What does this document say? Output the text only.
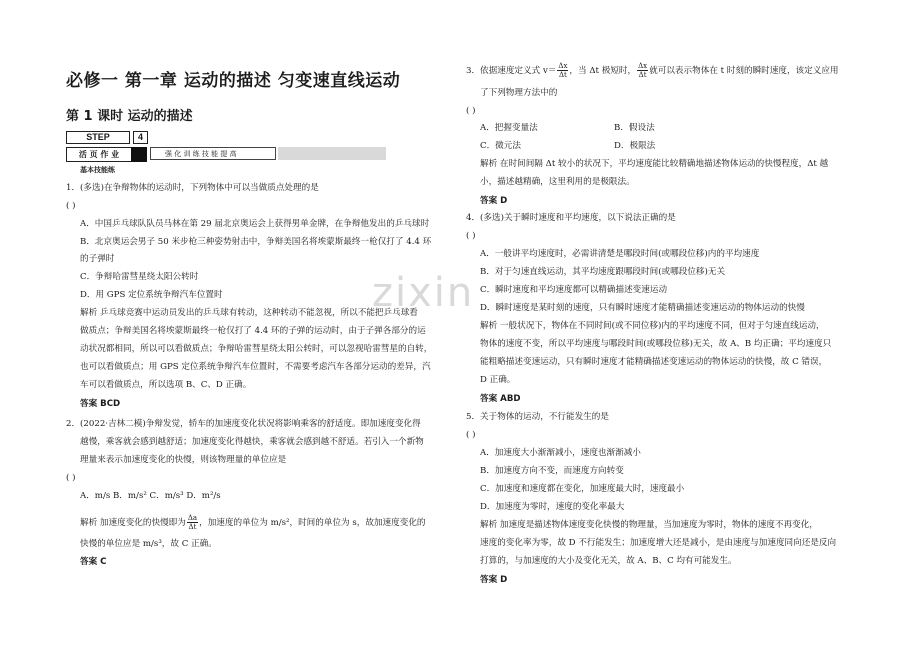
必修一 第一章 运动的描述 匀变速直线运动
第 1 课时 运动的描述
STEP	4
活 页 作 业	强 化 训 练 技 能 提 高
基本技能练
zixin
1．(多选)在争辩物体的运动时，下列物体中可以当做质点处理的是
( )
A．中国乒乓球队队员马林在第 29 届北京奥运会上获得男单金牌，在争辩他发出的乒乓球时
B．北京奥运会男子 50 米步枪三种姿势射击中，争辩美国名将埃蒙斯最终一枪仅打了 4.4 环
的子弹时
C．争辩哈雷彗星绕太阳公转时
D．用 GPS 定位系统争辩汽车位置时
解析 乒乓球竞赛中运动员发出的乒乓球有转动，这种转动不能忽视，所以不能把乒乓球看
做质点；争辩美国名将埃蒙斯最终一枪仅打了 4.4 环的子弹的运动时，由于子弹各部分的运
动状况都相同，所以可以看做质点；争辩哈雷彗星绕太阳公转时，可以忽视哈雷彗星的自转，
也可以看做质点；用 GPS 定位系统争辩汽车位置时，不需要考虑汽车各部分运动的差异，汽
车可以看做质点，所以选项 B、C、D 正确。
答案 BCD
2．(2022·吉林二模)争辩发觉，轿车的加速度变化状况将影响乘客的舒适度。即加速度变化得
越慢，乘客就会感到越舒适；加速度变化得越快，乘客就会感到越不舒适。若引入一个新物
理量来表示加速度变化的快慢，则该物理量的单位应是
( )
A．m/s B．m/s² C．m/s³ D．m²/s
解析 加速度变化的快慢即为 $\frac{\Delta a}{\Delta t}$ ，加速度的单位为 m/s²，时间的单位为 s，故加速度变化的
快慢的单位应是 m/s³，故 C 正确。
答案 C
3．依据速度定义式 $v= \frac{\Delta x}{\Delta t}$ ，当 Δt 极短时， $\frac{\Delta x}{\Delta t}$ 就可以表示物体在 t 时刻的瞬时速度，该定义应用
了下列物理方法中的
( )
A．把握变量法	B．假设法
C．微元法	D．极限法
解析 在时间间隔 Δt 较小的状况下，平均速度能比较精确地描述物体运动的快慢程度，Δt 越
小，描述越精确，这里利用的是极限法。
答案 D
4．(多选)关于瞬时速度和平均速度，以下说法正确的是
( )
A．一般讲平均速度时，必需讲清楚是哪段时间(或哪段位移)内的平均速度
B．对于匀速直线运动，其平均速度跟哪段时间(或哪段位移)无关
C．瞬时速度和平均速度都可以精确描述变速运动
D．瞬时速度是某时刻的速度，只有瞬时速度才能精确描述变速运动的物体运动的快慢
解析 一般状况下，物体在不同时间(或不同位移)内的平均速度不同，但对于匀速直线运动，
物体的速度不变，所以平均速度与哪段时间(或哪段位移)无关，故 A、B 均正确；平均速度只
能粗略描述变速运动，只有瞬时速度才能精确描述变速运动的物体运动的快慢，故 C 错误，
D 正确。
答案 ABD
5．关于物体的运动，不行能发生的是
( )
A．加速度大小渐渐减小，速度也渐渐减小
B．加速度方向不变，而速度方向转变
C．加速度和速度都在变化，加速度最大时，速度最小
D．加速度为零时，速度的变化率最大
解析 加速度是描述物体速度变化快慢的物理量，当加速度为零时，物体的速度不再变化，
速度的变化率为零，故 D 不行能发生；加速度增大还是减小，是由速度与加速度同向还是反向
打算的，与加速度的大小及变化无关，故 A、B、C 均有可能发生。
答案 D
